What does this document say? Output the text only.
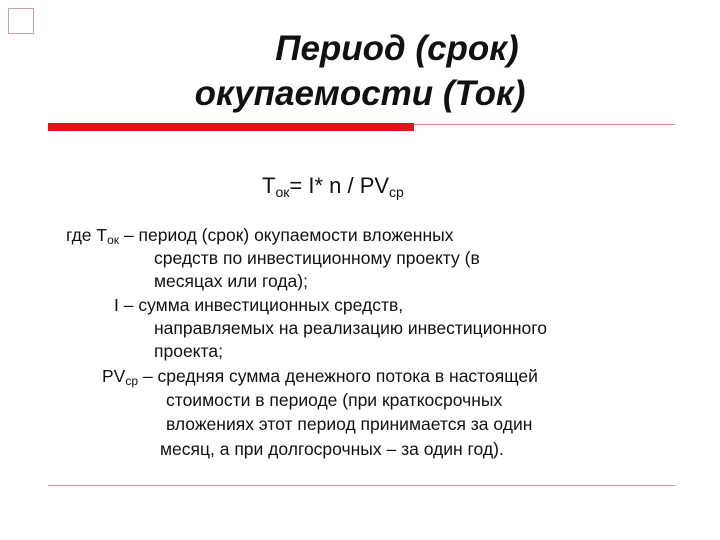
Период (срок)
окупаемости (Ток)
$Т_{ок}= I*$ n / $PV_{ср}$
где $Т_{ок}$ – период (срок) окупаемости вложенных
средств по инвестиционному проекту (в
месяцах или года);
I – сумма инвестиционных средств,
направляемых на реализацию инвестиционного
проекта;
$PV_{ср}$ – средняя сумма денежного потока в настоящей
стоимости в периоде (при краткосрочных
вложениях этот период принимается за один
месяц, а при долгосрочных – за один год).
